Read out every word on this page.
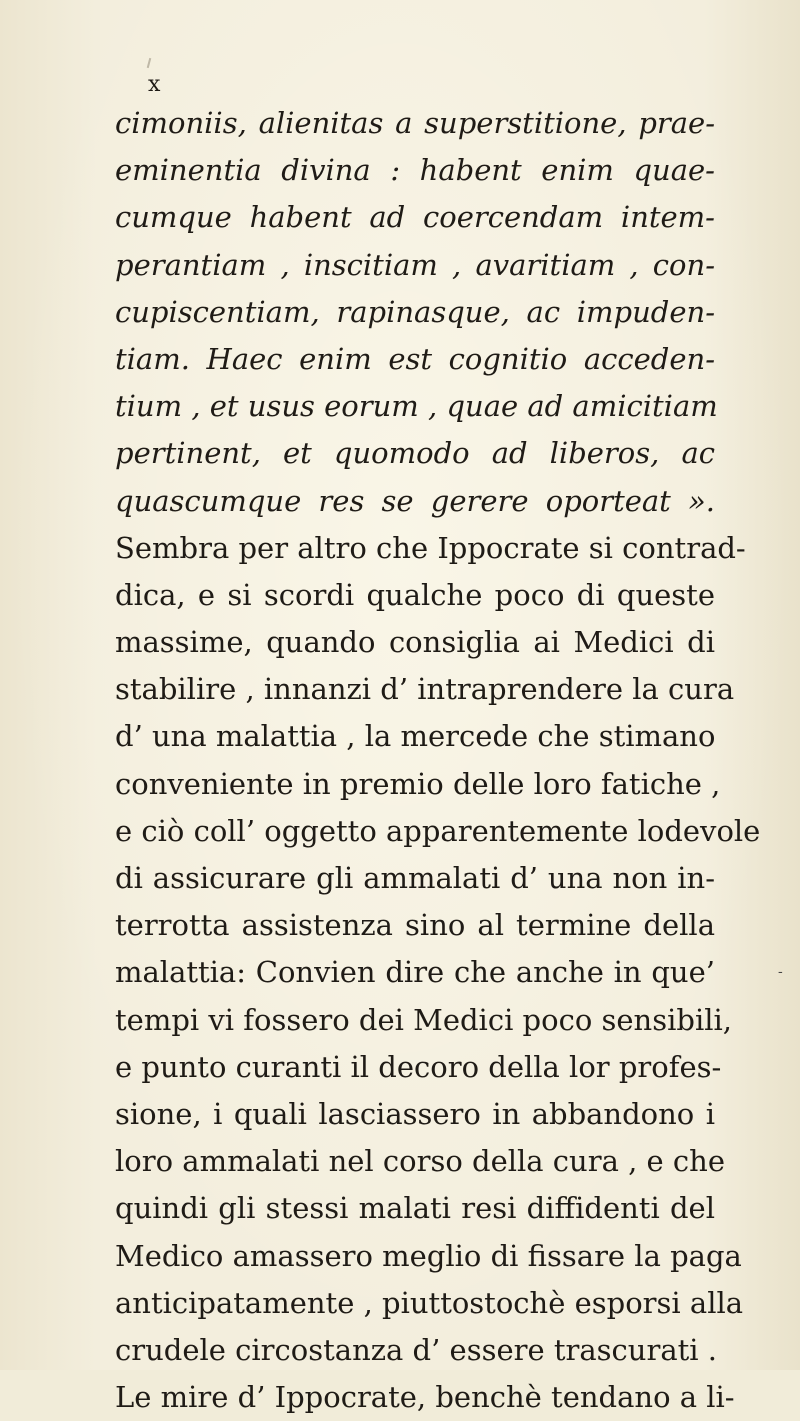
x
cimoniis, alienitas a superstitione, prae-
eminentia divina : habent enim quae-
cumque habent ad coercendam intem-
perantiam , inscitiam , avaritiam , con-
cupiscentiam, rapinasque, ac impuden-
tiam. Haec enim est cognitio acceden-
tium , et usus eorum , quae ad amicitiam
pertinent, et quomodo ad liberos, ac
quascumque res se gerere oporteat ».
Sembra per altro che Ippocrate si contrad-
dica, e si scordi qualche poco di queste
massime, quando consiglia ai Medici di
stabilire , innanzi d’ intraprendere la cura
d’ una malattia , la mercede che stimano
conveniente in premio delle loro fatiche ,
e ciò coll’ oggetto apparentemente lodevole
di assicurare gli ammalati d’ una non in-
terrotta assistenza sino al termine della
malattia: Convien dire che anche in que’
tempi vi fossero dei Medici poco sensibili,
e punto curanti il decoro della lor profes-
sione, i quali lasciassero in abbandono i
loro ammalati nel corso della cura , e che
quindi gli stessi malati resi diffidenti del
Medico amassero meglio di fissare la paga
anticipatamente , piuttostochè esporsi alla
crudele circostanza d’ essere trascurati .
Le mire d’ Ippocrate, benchè tendano a li-
-
